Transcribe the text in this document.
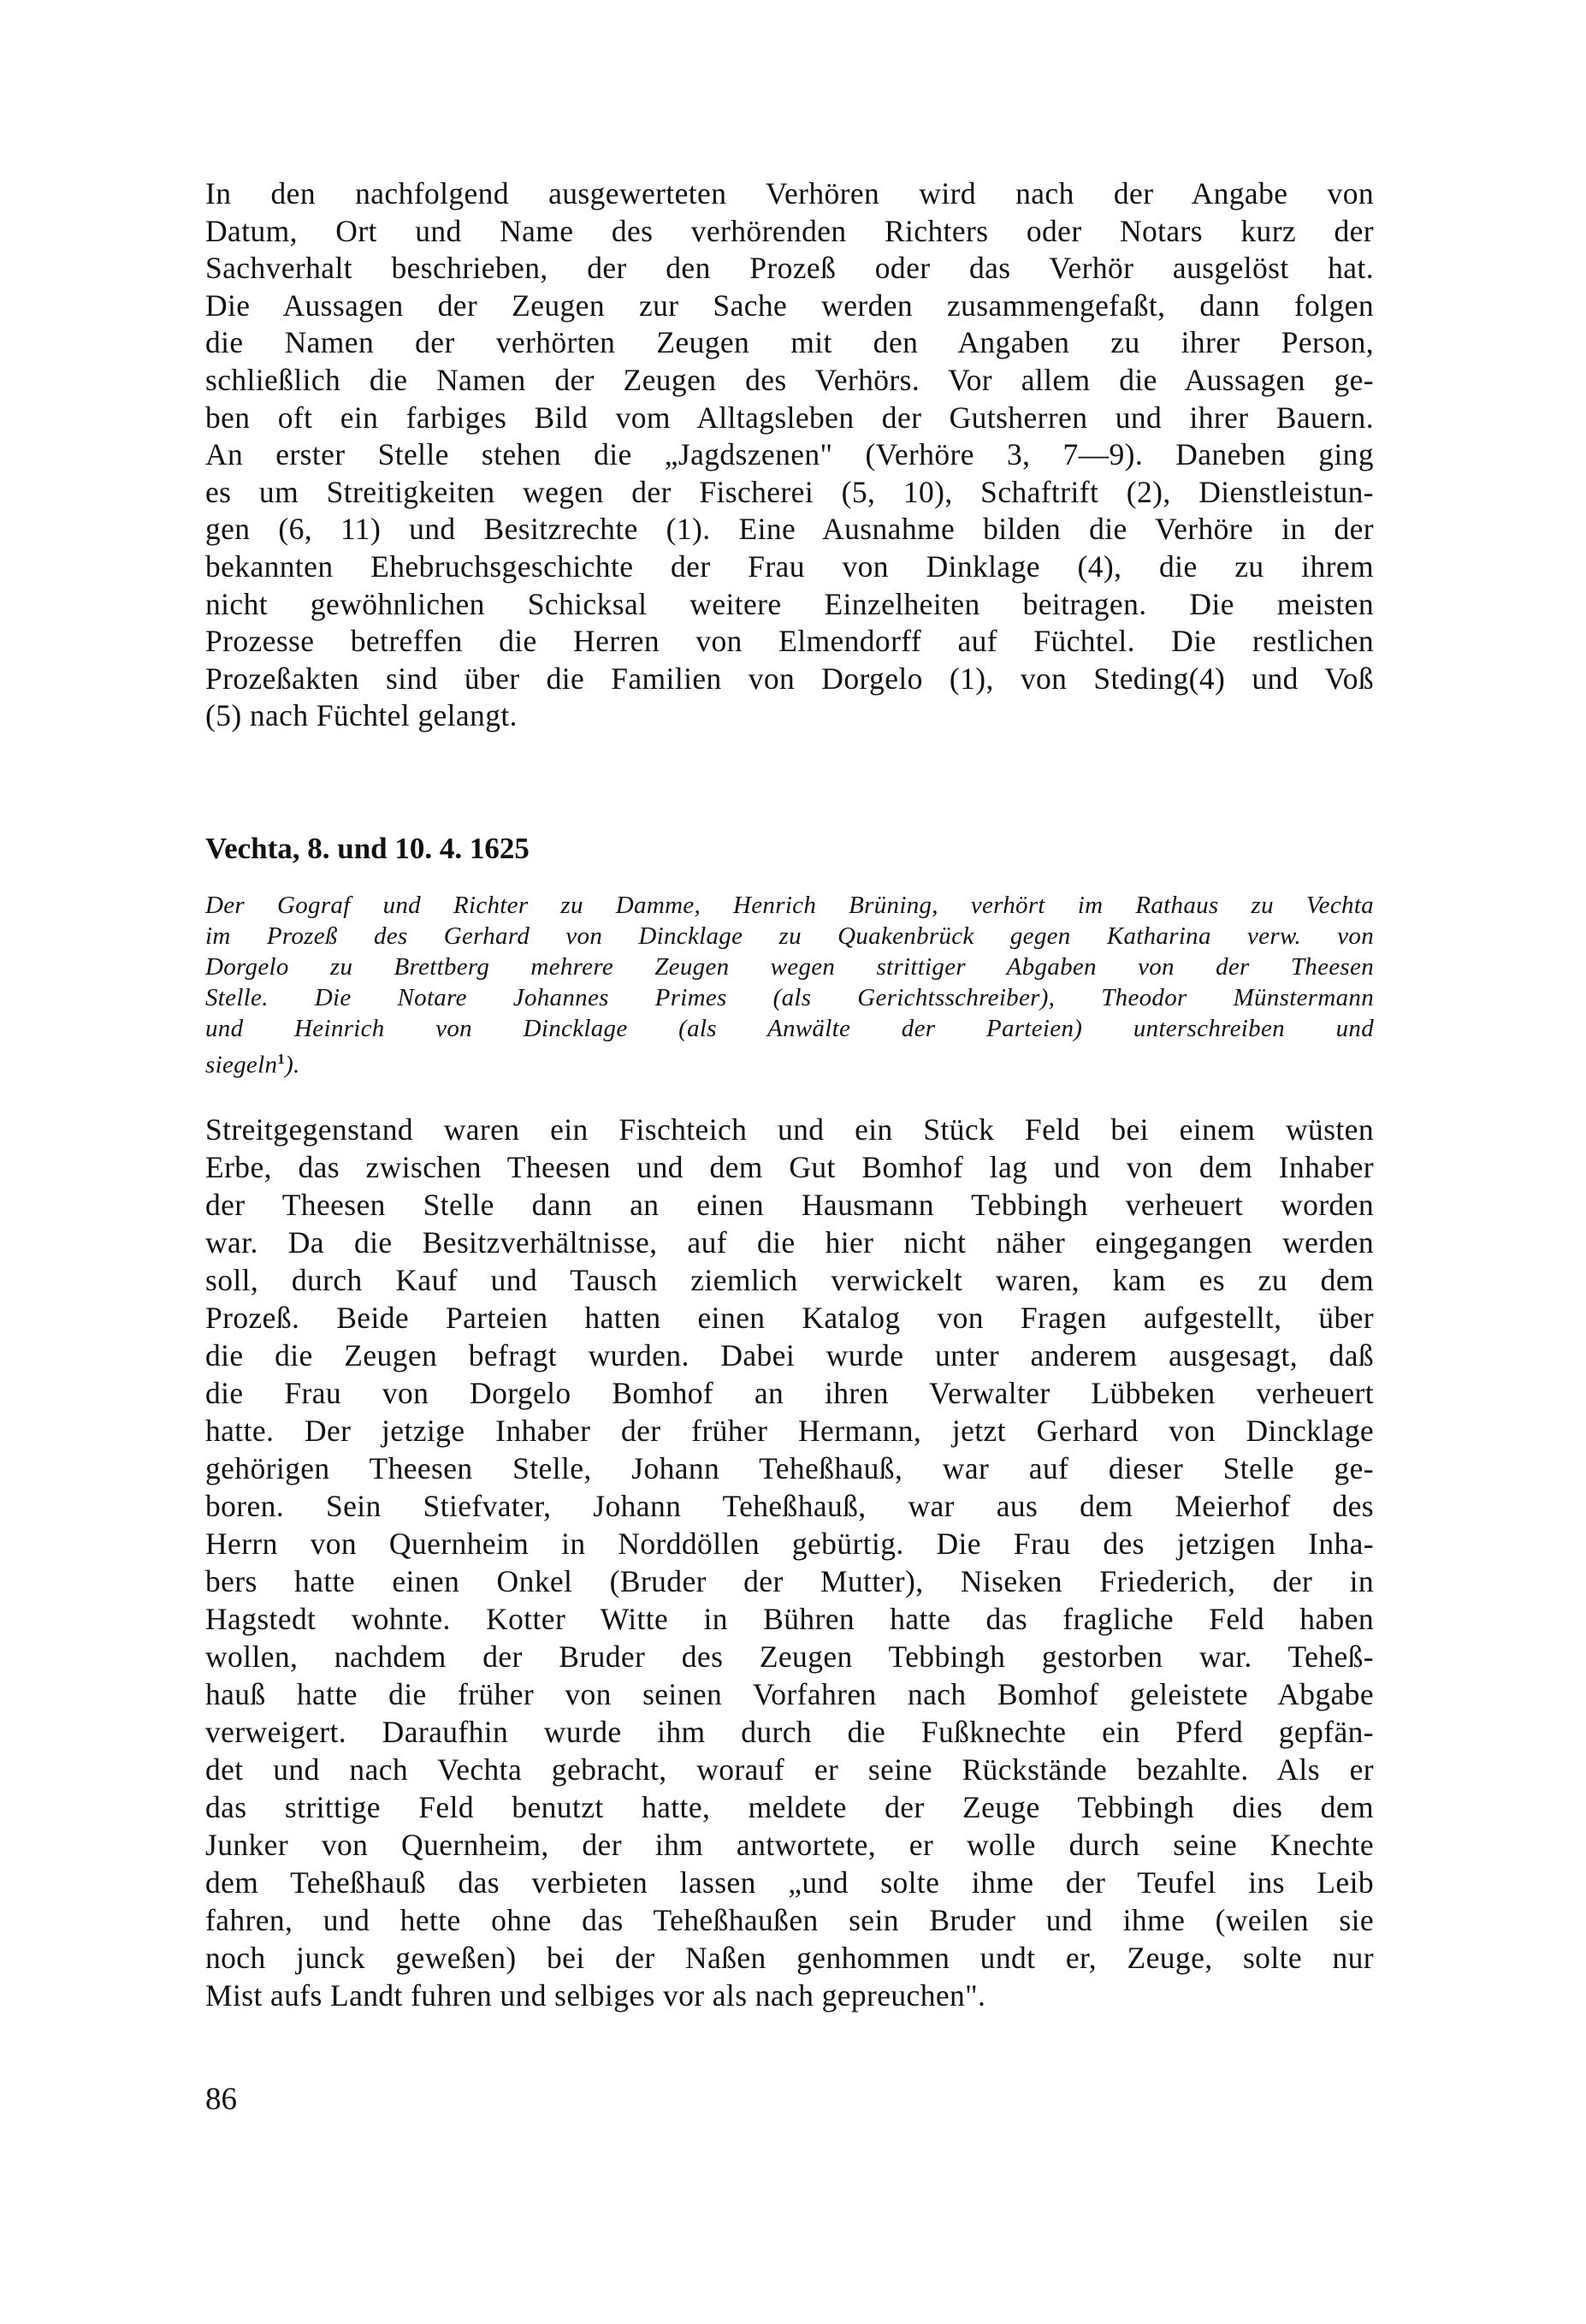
In den nachfolgend ausgewerteten Verhören wird nach der Angabe von
Datum, Ort und Name des verhörenden Richters oder Notars kurz der
Sachverhalt beschrieben, der den Prozeß oder das Verhör ausgelöst hat.
Die Aussagen der Zeugen zur Sache werden zusammengefaßt, dann folgen
die Namen der verhörten Zeugen mit den Angaben zu ihrer Person,
schließlich die Namen der Zeugen des Verhörs. Vor allem die Aussagen ge-
ben oft ein farbiges Bild vom Alltagsleben der Gutsherren und ihrer Bauern.
An erster Stelle stehen die „Jagdszenen" (Verhöre 3, 7—9). Daneben ging
es um Streitigkeiten wegen der Fischerei (5, 10), Schaftrift (2), Dienstleistun-
gen (6, 11) und Besitzrechte (1). Eine Ausnahme bilden die Verhöre in der
bekannten Ehebruchsgeschichte der Frau von Dinklage (4), die zu ihrem
nicht gewöhnlichen Schicksal weitere Einzelheiten beitragen. Die meisten
Prozesse betreffen die Herren von Elmendorff auf Füchtel. Die restlichen
Prozeßakten sind über die Familien von Dorgelo (1), von Steding(4) und Voß
(5) nach Füchtel gelangt.
Vechta, 8. und 10. 4. 1625
Der Gograf und Richter zu Damme, Henrich Brüning, verhört im Rathaus zu Vechta
im Prozeß des Gerhard von Dincklage zu Quakenbrück gegen Katharina verw. von
Dorgelo zu Brettberg mehrere Zeugen wegen strittiger Abgaben von der Theesen
Stelle. Die Notare Johannes Primes (als Gerichtsschreiber), Theodor Münstermann
und Heinrich von Dincklage (als Anwälte der Parteien) unterschreiben und
siegeln$^1$).
Streitgegenstand waren ein Fischteich und ein Stück Feld bei einem wüsten
Erbe, das zwischen Theesen und dem Gut Bomhof lag und von dem Inhaber
der Theesen Stelle dann an einen Hausmann Tebbingh verheuert worden
war. Da die Besitzverhältnisse, auf die hier nicht näher eingegangen werden
soll, durch Kauf und Tausch ziemlich verwickelt waren, kam es zu dem
Prozeß. Beide Parteien hatten einen Katalog von Fragen aufgestellt, über
die die Zeugen befragt wurden. Dabei wurde unter anderem ausgesagt, daß
die Frau von Dorgelo Bomhof an ihren Verwalter Lübbeken verheuert
hatte. Der jetzige Inhaber der früher Hermann, jetzt Gerhard von Dincklage
gehörigen Theesen Stelle, Johann Teheßhauß, war auf dieser Stelle ge-
boren. Sein Stiefvater, Johann Teheßhauß, war aus dem Meierhof des
Herrn von Quernheim in Norddöllen gebürtig. Die Frau des jetzigen Inha-
bers hatte einen Onkel (Bruder der Mutter), Niseken Friederich, der in
Hagstedt wohnte. Kotter Witte in Bühren hatte das fragliche Feld haben
wollen, nachdem der Bruder des Zeugen Tebbingh gestorben war. Teheß-
hauß hatte die früher von seinen Vorfahren nach Bomhof geleistete Abgabe
verweigert. Daraufhin wurde ihm durch die Fußknechte ein Pferd gepfän-
det und nach Vechta gebracht, worauf er seine Rückstände bezahlte. Als er
das strittige Feld benutzt hatte, meldete der Zeuge Tebbingh dies dem
Junker von Quernheim, der ihm antwortete, er wolle durch seine Knechte
dem Teheßhauß das verbieten lassen „und solte ihme der Teufel ins Leib
fahren, und hette ohne das Teheßhaußen sein Bruder und ihme (weilen sie
noch junck geweßen) bei der Naßen genhommen undt er, Zeuge, solte nur
Mist aufs Landt fuhren und selbiges vor als nach gepreuchen".
86
